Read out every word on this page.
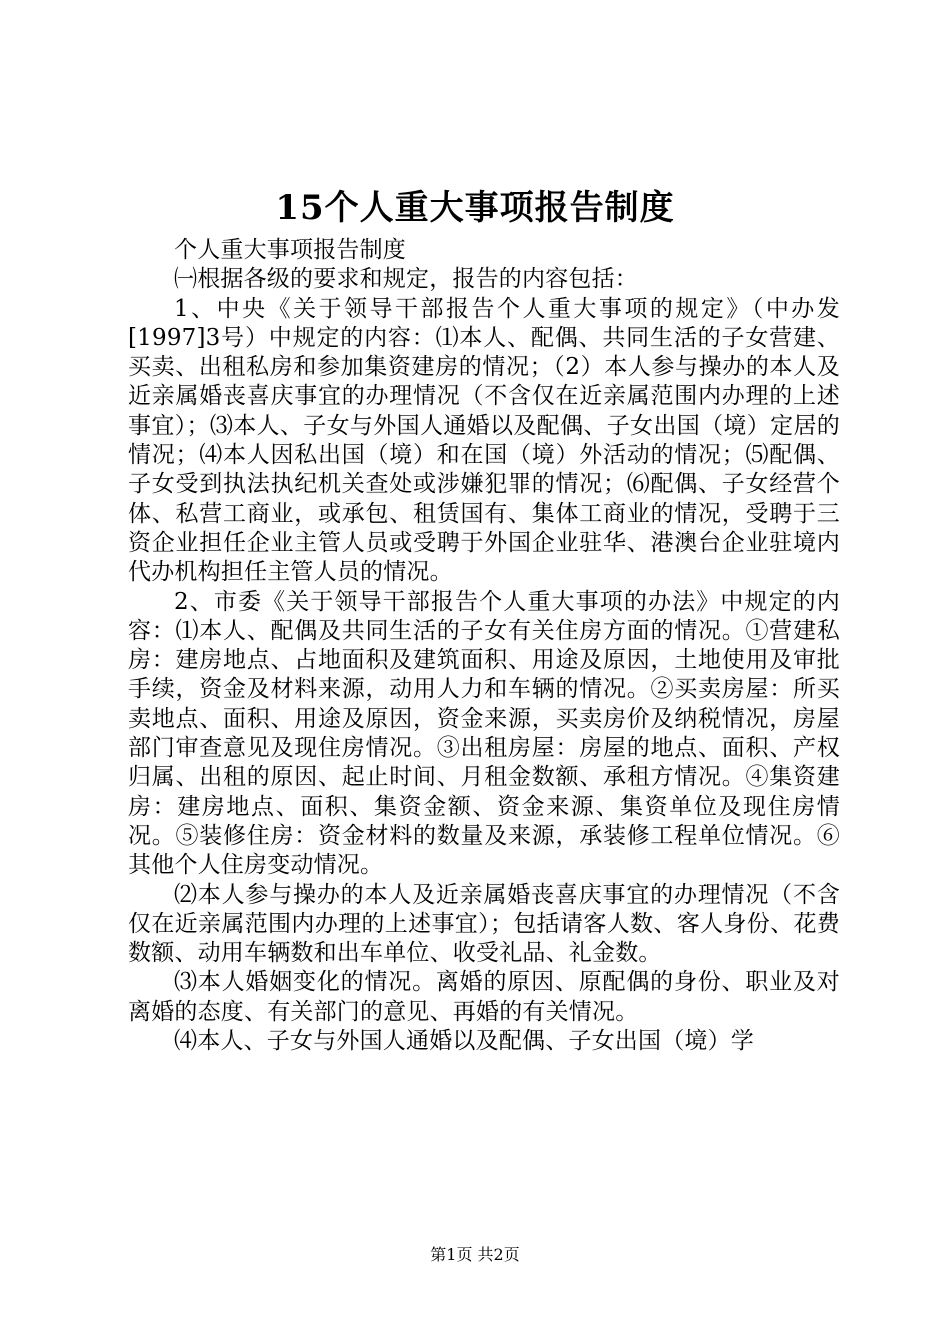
15个人重大事项报告制度

个人重大事项报告制度

㈠根据各级的要求和规定，报告的内容包括：

1、中央《关于领导干部报告个人重大事项的规定》（中办发[1997]3号）中规定的内容：⑴本人、配偶、共同生活的子女营建、买卖、出租私房和参加集资建房的情况；（2）本人参与操办的本人及近亲属婚丧喜庆事宜的办理情况（不含仅在近亲属范围内办理的上述事宜）；⑶本人、子女与外国人通婚以及配偶、子女出国（境）定居的情况；⑷本人因私出国（境）和在国（境）外活动的情况；⑸配偶、子女受到执法执纪机关查处或涉嫌犯罪的情况；⑹配偶、子女经营个体、私营工商业，或承包、租赁国有、集体工商业的情况，受聘于三资企业担任企业主管人员或受聘于外国企业驻华、港澳台企业驻境内代办机构担任主管人员的情况。

2、市委《关于领导干部报告个人重大事项的办法》中规定的内容：⑴本人、配偶及共同生活的子女有关住房方面的情况。①营建私房：建房地点、占地面积及建筑面积、用途及原因，土地使用及审批手续，资金及材料来源，动用人力和车辆的情况。②买卖房屋：所买卖地点、面积、用途及原因，资金来源，买卖房价及纳税情况，房屋部门审查意见及现住房情况。③出租房屋：房屋的地点、面积、产权归属、出租的原因、起止时间、月租金数额、承租方情况。④集资建房：建房地点、面积、集资金额、资金来源、集资单位及现住房情况。⑤装修住房：资金材料的数量及来源，承装修工程单位情况。⑥其他个人住房变动情况。

⑵本人参与操办的本人及近亲属婚丧喜庆事宜的办理情况（不含仅在近亲属范围内办理的上述事宜）；包括请客人数、客人身份、花费数额、动用车辆数和出车单位、收受礼品、礼金数。

⑶本人婚姻变化的情况。离婚的原因、原配偶的身份、职业及对离婚的态度、有关部门的意见、再婚的有关情况。

⑷本人、子女与外国人通婚以及配偶、子女出国（境）学

第1页 共2页
